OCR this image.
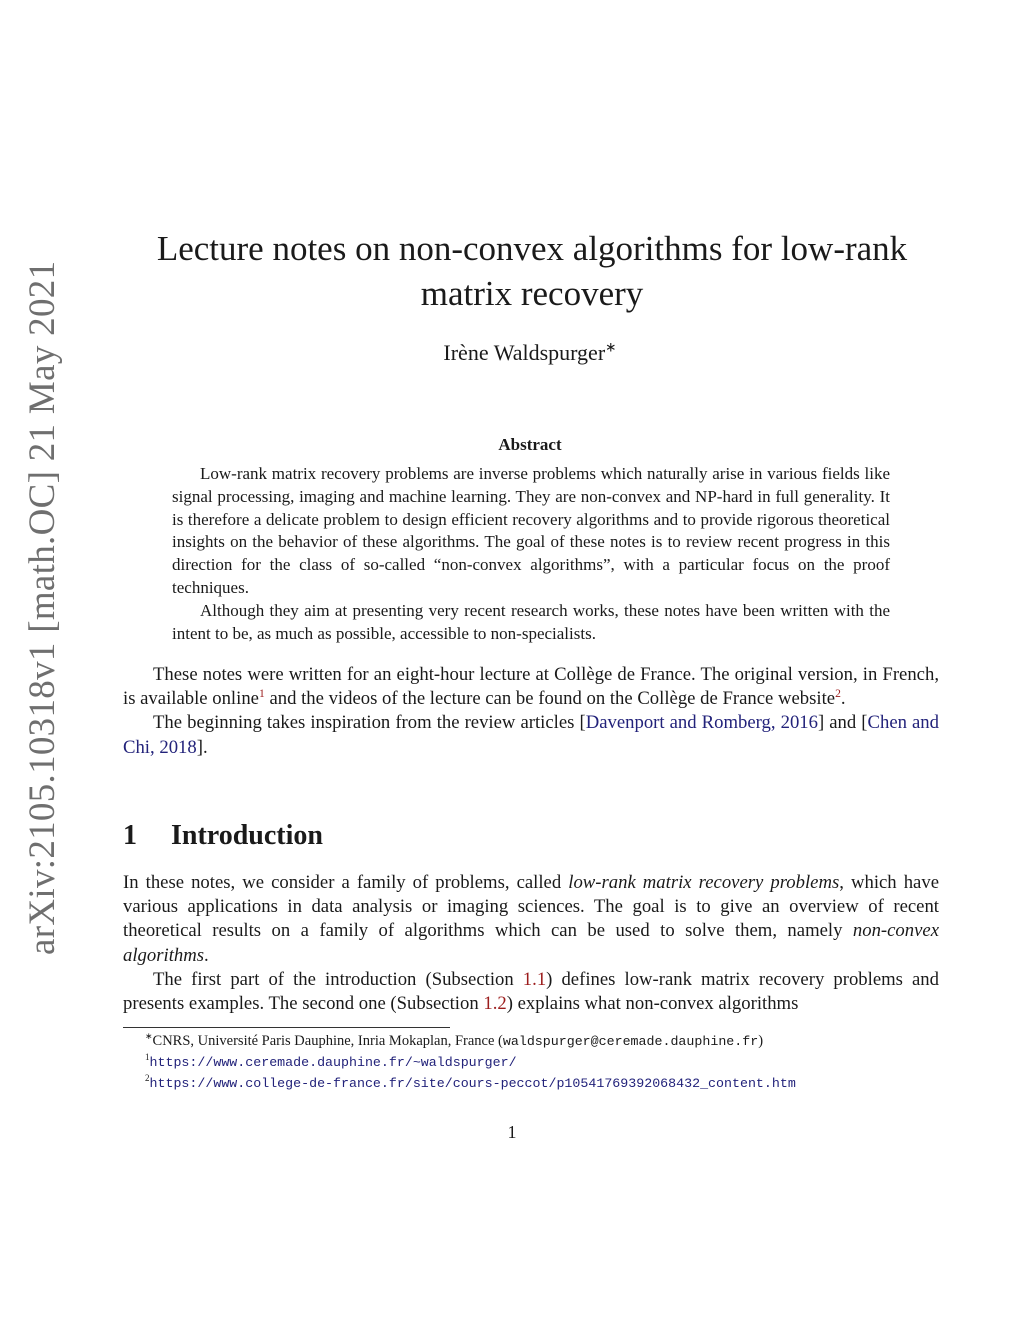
arXiv:2105.10318v1 [math.OC] 21 May 2021
Lecture notes on non-convex algorithms for low-rank
matrix recovery
Irène Waldspurger∗
Abstract

Low-rank matrix recovery problems are inverse problems which naturally arise in various fields like signal processing, imaging and machine learning. They are non-convex and NP-hard in full generality. It is therefore a delicate problem to design efficient recovery algorithms and to provide rigorous theoretical insights on the behavior of these algorithms. The goal of these notes is to review recent progress in this direction for the class of so-called “non-convex algorithms”, with a particular focus on the proof techniques.

Although they aim at presenting very recent research works, these notes have been written with the intent to be, as much as possible, accessible to non-specialists.

These notes were written for an eight-hour lecture at Collège de France. The original version, in French, is available online$^1$ and the videos of the lecture can be found on the Collège de France website$^2$.

The beginning takes inspiration from the review articles [Davenport and Romberg, 2016] and [Chen and Chi, 2018].

1 Introduction

In these notes, we consider a family of problems, called low-rank matrix recovery problems, which have various applications in data analysis or imaging sciences. The goal is to give an overview of recent theoretical results on a family of algorithms which can be used to solve them, namely non-convex algorithms.

The first part of the introduction (Subsection 1.1) defines low-rank matrix recovery problems and presents examples. The second one (Subsection 1.2) explains what non-convex algorithms

∗CNRS, Université Paris Dauphine, Inria Mokaplan, France (waldspurger@ceremade.dauphine.fr)
$^1$https://www.ceremade.dauphine.fr/~waldspurger/
$^2$https://www.college-de-france.fr/site/cours-peccot/p10541769392068432_content.htm
1
